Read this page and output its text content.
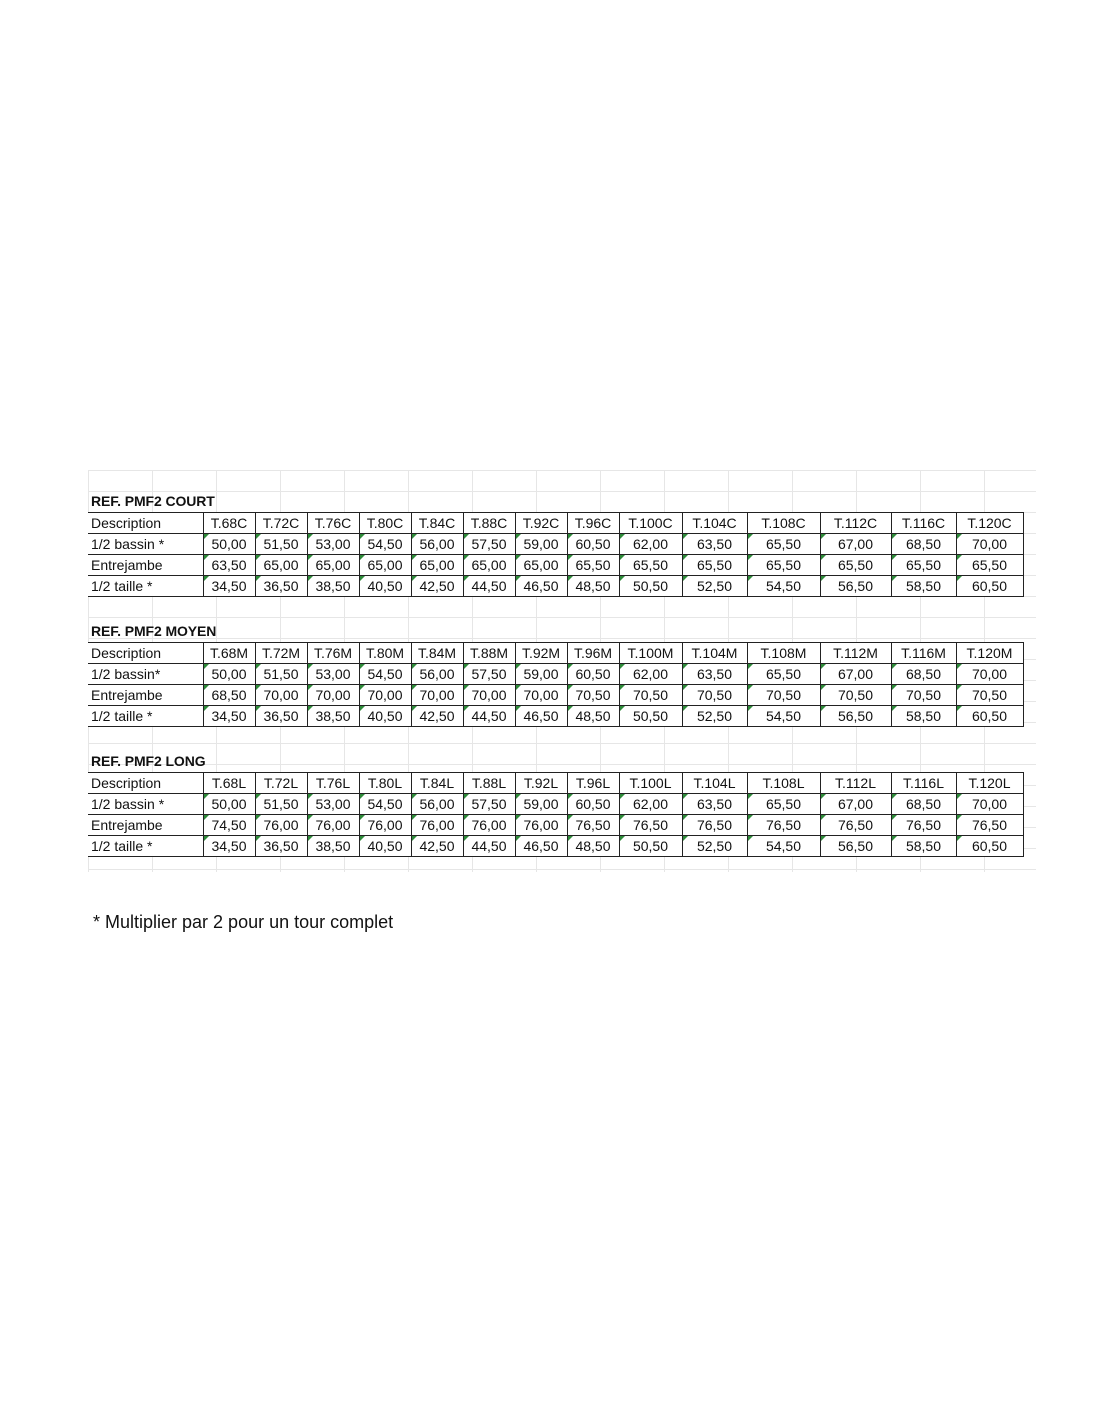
REF. PMF2 COURT
Description	T.68C	T.72C	T.76C	T.80C	T.84C	T.88C	T.92C	T.96C	T.100C	T.104C	T.108C	T.112C	T.116C	T.120C
1/2 bassin *	50,00	51,50	53,00	54,50	56,00	57,50	59,00	60,50	62,00	63,50	65,50	67,00	68,50	70,00
Entrejambe	63,50	65,00	65,00	65,00	65,00	65,00	65,00	65,50	65,50	65,50	65,50	65,50	65,50	65,50
1/2 taille *	34,50	36,50	38,50	40,50	42,50	44,50	46,50	48,50	50,50	52,50	54,50	56,50	58,50	60,50
REF. PMF2 MOYEN
Description	T.68M	T.72M	T.76M	T.80M	T.84M	T.88M	T.92M	T.96M	T.100M	T.104M	T.108M	T.112M	T.116M	T.120M
1/2 bassin*	50,00	51,50	53,00	54,50	56,00	57,50	59,00	60,50	62,00	63,50	65,50	67,00	68,50	70,00
Entrejambe	68,50	70,00	70,00	70,00	70,00	70,00	70,00	70,50	70,50	70,50	70,50	70,50	70,50	70,50
1/2 taille *	34,50	36,50	38,50	40,50	42,50	44,50	46,50	48,50	50,50	52,50	54,50	56,50	58,50	60,50
REF. PMF2 LONG
Description	T.68L	T.72L	T.76L	T.80L	T.84L	T.88L	T.92L	T.96L	T.100L	T.104L	T.108L	T.112L	T.116L	T.120L
1/2 bassin *	50,00	51,50	53,00	54,50	56,00	57,50	59,00	60,50	62,00	63,50	65,50	67,00	68,50	70,00
Entrejambe	74,50	76,00	76,00	76,00	76,00	76,00	76,00	76,50	76,50	76,50	76,50	76,50	76,50	76,50
1/2 taille *	34,50	36,50	38,50	40,50	42,50	44,50	46,50	48,50	50,50	52,50	54,50	56,50	58,50	60,50
* Multiplier par 2 pour un tour complet
